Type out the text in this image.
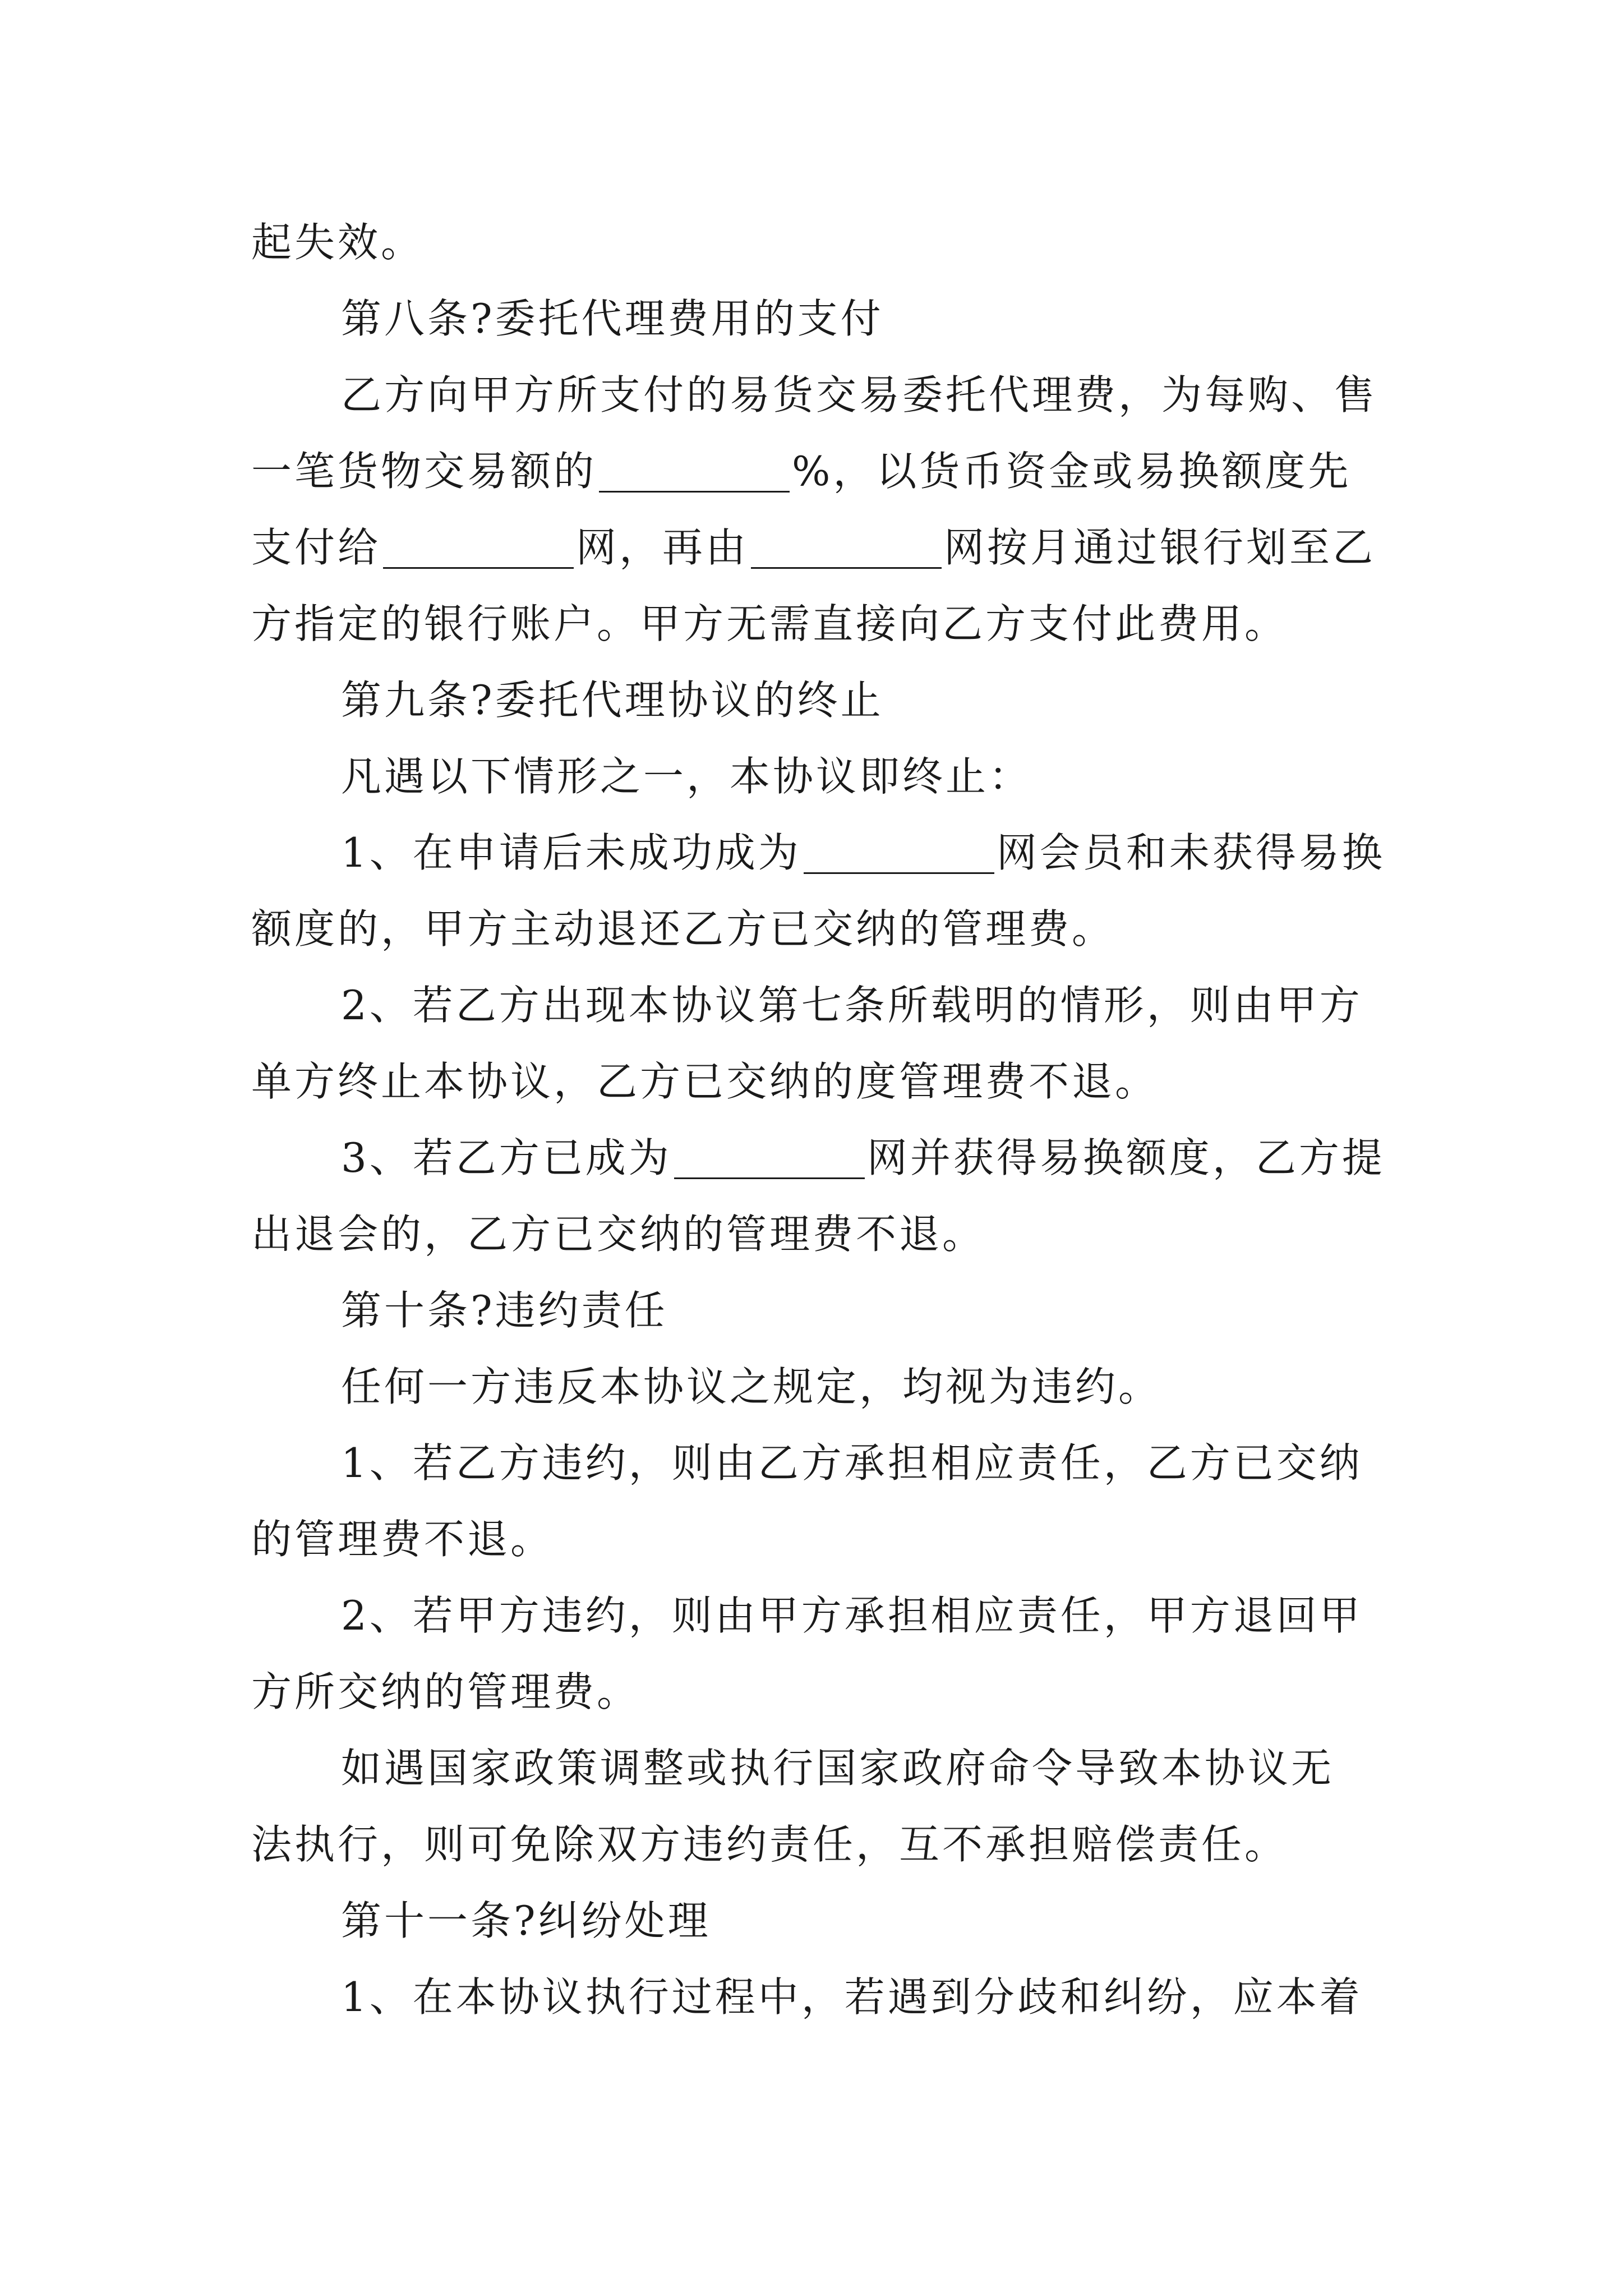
起失效。
第八条?委托代理费用的支付
乙方向甲方所支付的易货交易委托代理费，为每购、售
一笔货物交易额的	%，以货币资金或易换额度先
支付给	网，再由	网按月通过银行划至乙
方指定的银行账户。甲方无需直接向乙方支付此费用。
第九条?委托代理协议的终止
凡遇以下情形之一，本协议即终止：
1、在申请后未成功成为	网会员和未获得易换
额度的，甲方主动退还乙方已交纳的管理费。
2、若乙方出现本协议第七条所载明的情形，则由甲方
单方终止本协议，乙方已交纳的度管理费不退。
3、若乙方已成为	网并获得易换额度，乙方提
出退会的，乙方已交纳的管理费不退。
第十条?违约责任
任何一方违反本协议之规定，均视为违约。
1、若乙方违约，则由乙方承担相应责任，乙方已交纳
的管理费不退。
2、若甲方违约，则由甲方承担相应责任，甲方退回甲
方所交纳的管理费。
如遇国家政策调整或执行国家政府命令导致本协议无
法执行，则可免除双方违约责任，互不承担赔偿责任。
第十一条?纠纷处理
1、在本协议执行过程中，若遇到分歧和纠纷，应本着
